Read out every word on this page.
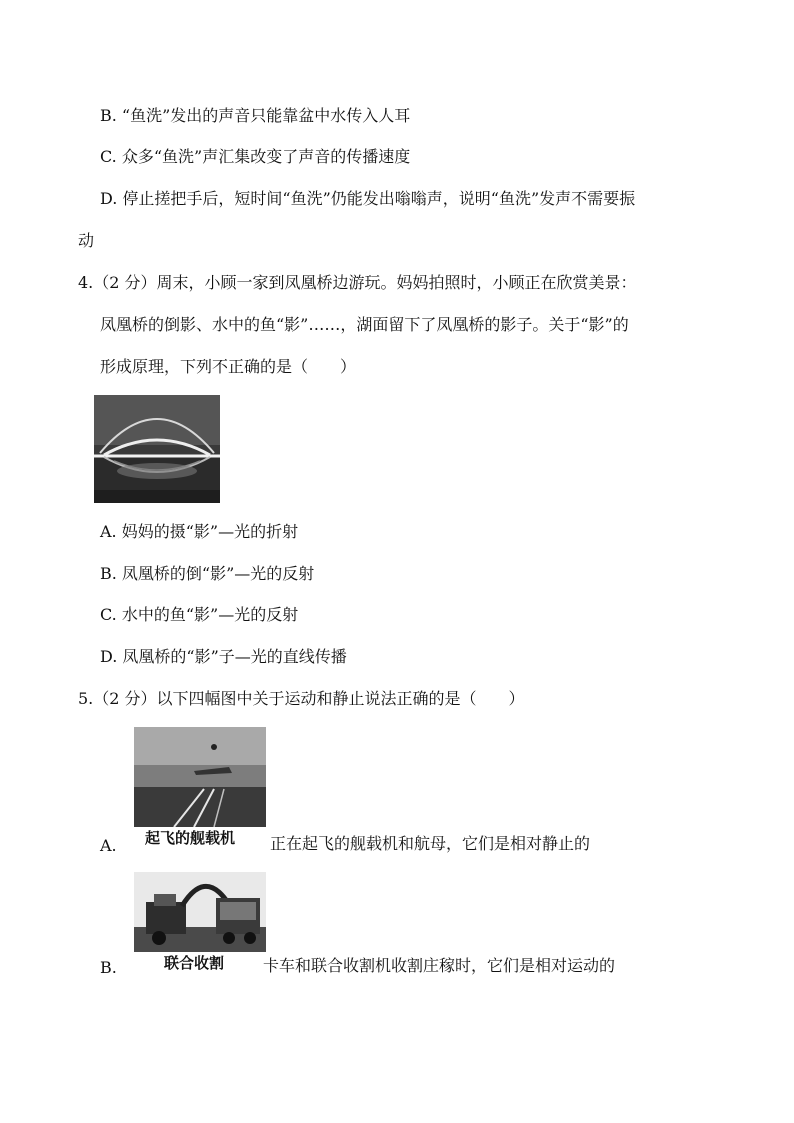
B. “鱼洗”发出的声音只能靠盆中水传入人耳
C. 众多“鱼洗”声汇集改变了声音的传播速度
D. 停止搓把手后，短时间“鱼洗”仍能发出嗡嗡声，说明“鱼洗”发声不需要振
动
4.（2 分）周末，小顾一家到凤凰桥边游玩。妈妈拍照时，小顾正在欣赏美景：
凤凰桥的倒影、水中的鱼“影”……，湖面留下了凤凰桥的影子。关于“影”的
形成原理，下列不正确的是（　　）
A. 妈妈的摄“影”—光的折射
B. 凤凰桥的倒“影”—光的反射
C. 水中的鱼“影”—光的反射
D. 凤凰桥的“影”子—光的直线传播
5.（2 分）以下四幅图中关于运动和静止说法正确的是（　　）
起飞的舰载机
A.	正在起飞的舰载机和航母，它们是相对静止的
联合收割
B.	卡车和联合收割机收割庄稼时，它们是相对运动的
